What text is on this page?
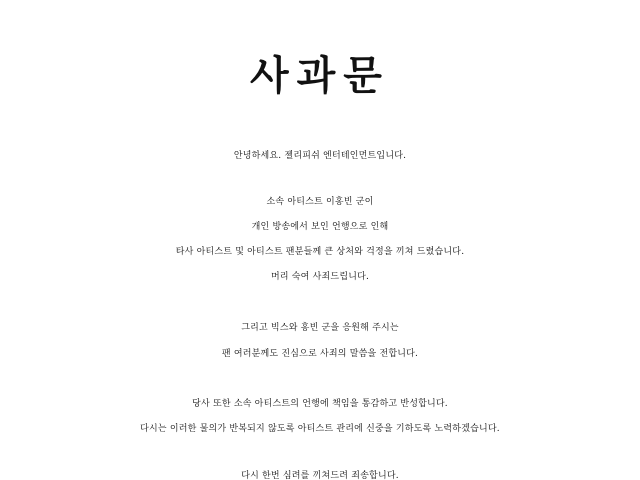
사과문
안녕하세요. 젤리피쉬 엔터테인먼트입니다.
소속 아티스트 이홍빈 군이
개인 방송에서 보인 언행으로 인해
타사 아티스트 및 아티스트 팬분들께 큰 상처와 걱정을 끼쳐 드렸습니다.
머리 숙여 사죄드립니다.
그리고 빅스와 홍빈 군을 응원해 주시는
팬 여러분께도 진심으로 사죄의 말씀을 전합니다.
당사 또한 소속 아티스트의 언행에 책임을 통감하고 반성합니다.
다시는 이러한 물의가 반복되지 않도록 아티스트 관리에 신중을 기하도록 노력하겠습니다.
다시 한번 심려를 끼쳐드려 죄송합니다.
